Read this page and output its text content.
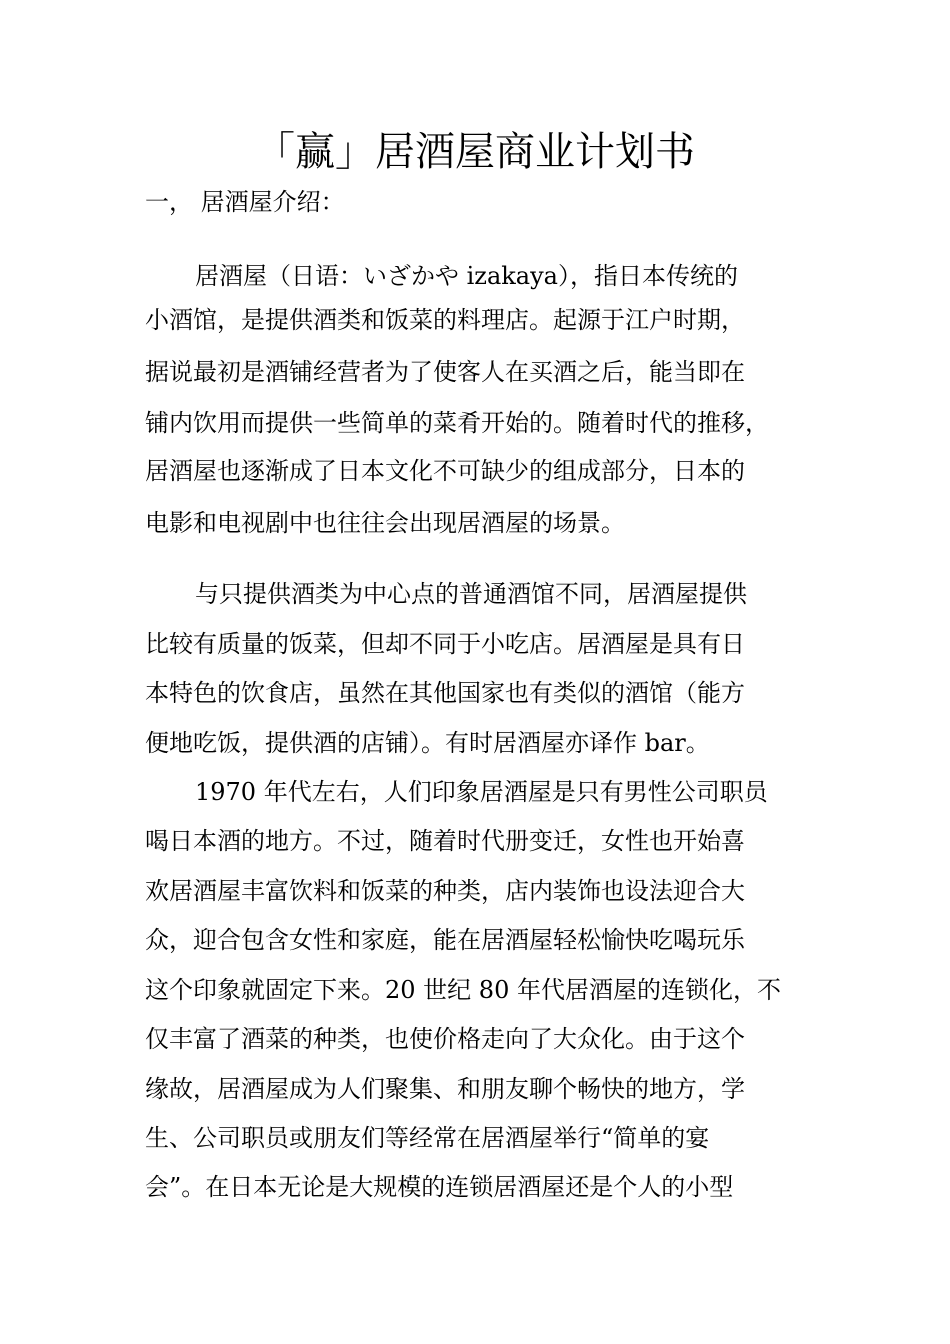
「赢」居酒屋商业计划书

一， 居酒屋介绍：

居酒屋（日语：いざかや izakaya），指日本传统的

小酒馆，是提供酒类和饭菜的料理店。起源于江户时期，

据说最初是酒铺经营者为了使客人在买酒之后，能当即在

铺内饮用而提供一些简单的菜肴开始的。随着时代的推移，

居酒屋也逐渐成了日本文化不可缺少的组成部分，日本的

电影和电视剧中也往往会出现居酒屋的场景。

与只提供酒类为中心点的普通酒馆不同，居酒屋提供

比较有质量的饭菜，但却不同于小吃店。居酒屋是具有日

本特色的饮食店，虽然在其他国家也有类似的酒馆（能方

便地吃饭，提供酒的店铺）。有时居酒屋亦译作 bar。

1970 年代左右，人们印象居酒屋是只有男性公司职员

喝日本酒的地方。不过，随着时代册变迁，女性也开始喜

欢居酒屋丰富饮料和饭菜的种类，店内装饰也设法迎合大

众，迎合包含女性和家庭，能在居酒屋轻松愉快吃喝玩乐

这个印象就固定下来。20 世纪 80 年代居酒屋的连锁化，不

仅丰富了酒菜的种类，也使价格走向了大众化。由于这个

缘故，居酒屋成为人们聚集、和朋友聊个畅快的地方，学

生、公司职员或朋友们等经常在居酒屋举行“简单的宴

会”。在日本无论是大规模的连锁居酒屋还是个人的小型
